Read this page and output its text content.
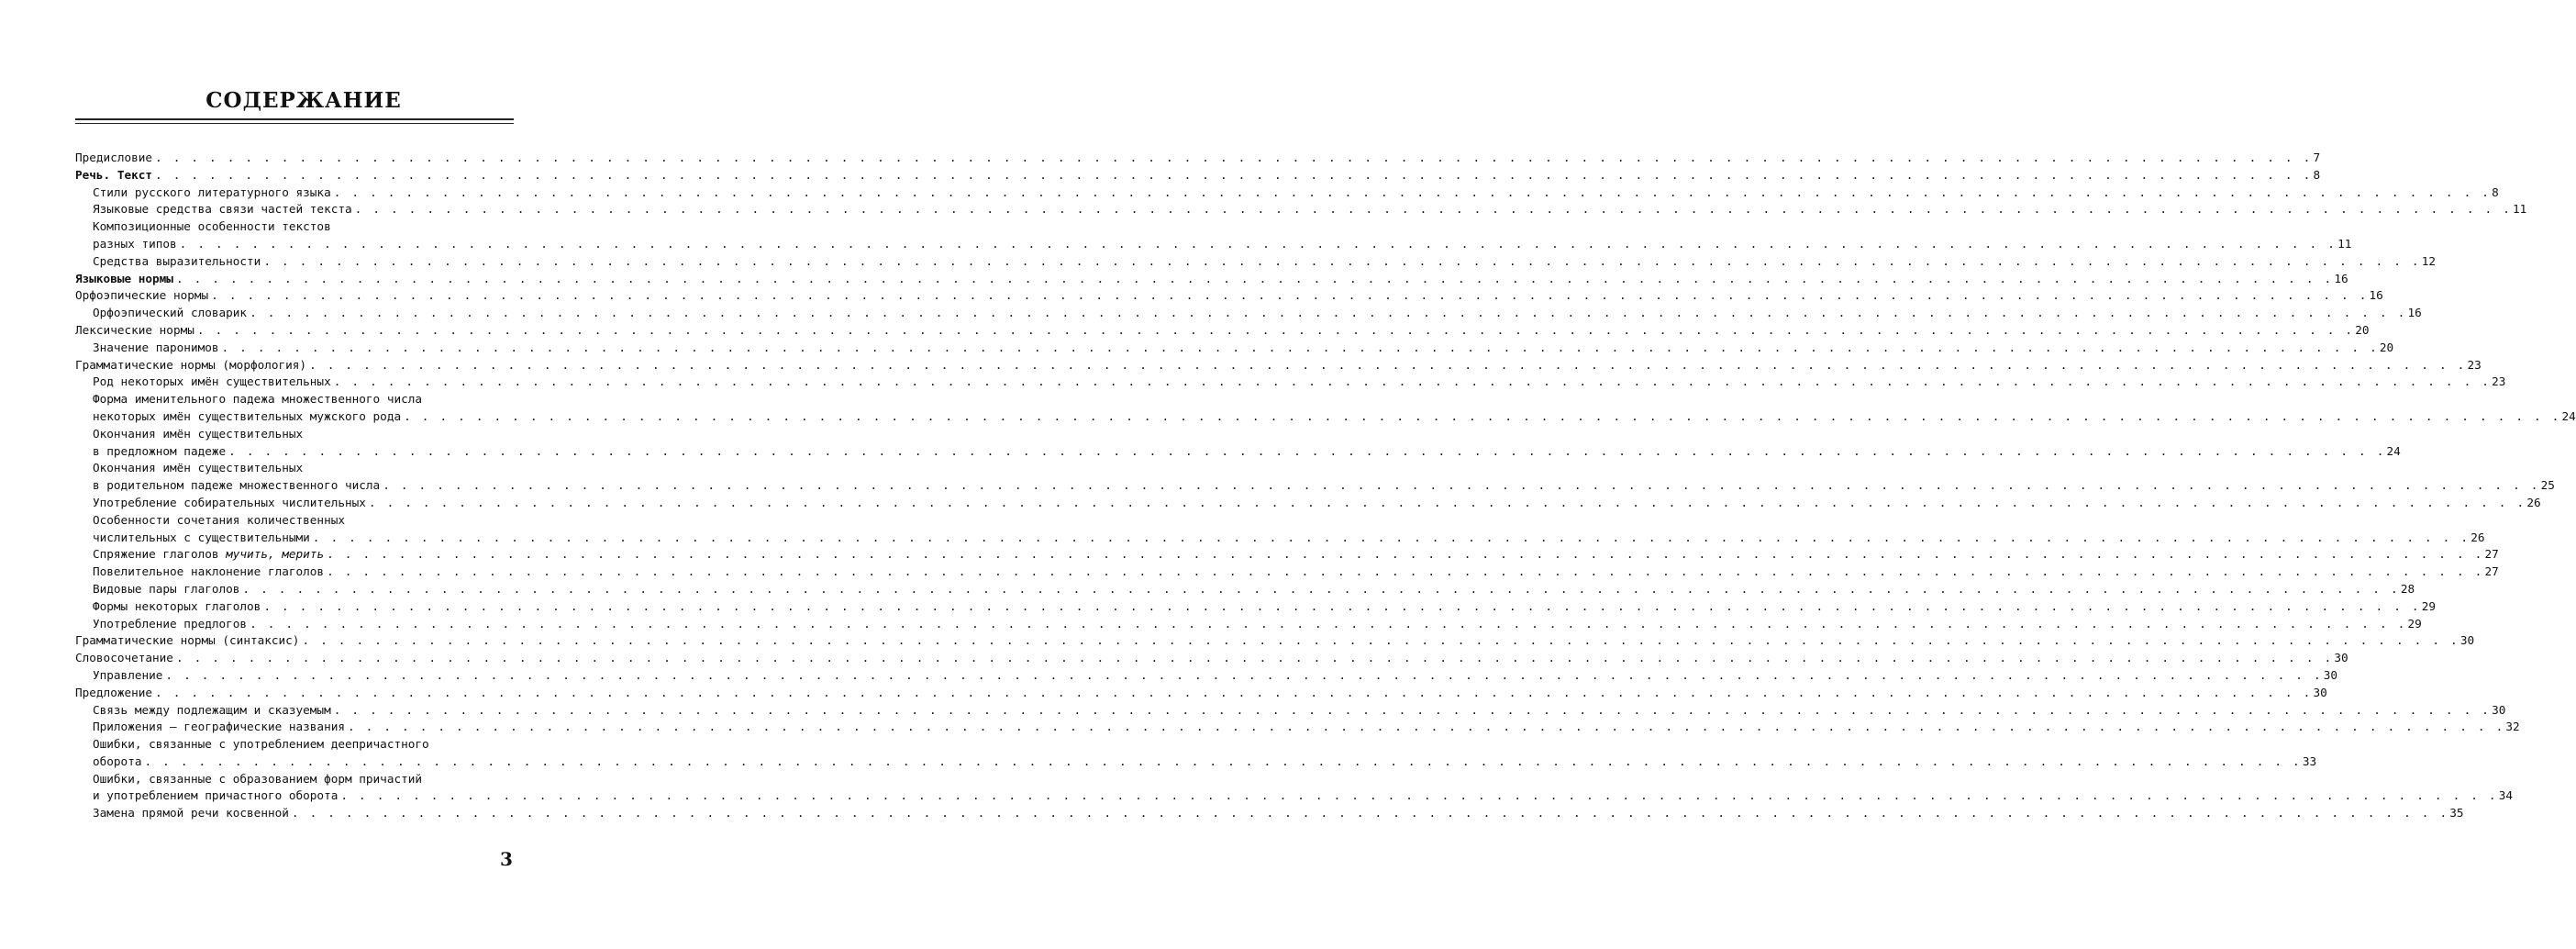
СОДЕРЖАНИЕ
Предисловие . . . . . . . . . . . . . . . . . . . . . . . . . . . . . . . . . . . . . . . . . . . . . . . . . . . . . . . . . . . . . . . . . . . . . . . . . . . . . . . . . . . . . . . . . . . . . . . . . . . . . . . . . . . . . . . . . . . . . . . . 7
Речь. Текст . . . . . . . . . . . . . . . . . . . . . . . . . . . . . . . . . . . . . . . . . . . . . . . . . . . . . . . . . . . . . . . . . . . . . . . . . . . . . . . . . . . . . . . . . . . . . . . . . . . . . . . . . . . . . . . . . . . . . . . . 8
Стили русского литературного языка . . . . . . . . . . . . . . . . . . . . . . . . . . . . . . . . . . . . . . . . . . . . . . . . . . . . . . . . . . . . . . . . . . . . . . . . . . . . . . . . . . . . . . . . . . . . . . . . . . . . . . . . . . . . . . . . . . . . . . . . 8
Языковые средства связи частей текста . . . . . . . . . . . . . . . . . . . . . . . . . . . . . . . . . . . . . . . . . . . . . . . . . . . . . . . . . . . . . . . . . . . . . . . . . . . . . . . . . . . . . . . . . . . . . . . . . . . . . . . . . . . . . . . . . . . . . . . . 11
Композиционные особенности текстов
разных типов . . . . . . . . . . . . . . . . . . . . . . . . . . . . . . . . . . . . . . . . . . . . . . . . . . . . . . . . . . . . . . . . . . . . . . . . . . . . . . . . . . . . . . . . . . . . . . . . . . . . . . . . . . . . . . . . . . . . . . . . 11
Средства выразительности . . . . . . . . . . . . . . . . . . . . . . . . . . . . . . . . . . . . . . . . . . . . . . . . . . . . . . . . . . . . . . . . . . . . . . . . . . . . . . . . . . . . . . . . . . . . . . . . . . . . . . . . . . . . . . . . . . . . . . . . 12
Языковые нормы . . . . . . . . . . . . . . . . . . . . . . . . . . . . . . . . . . . . . . . . . . . . . . . . . . . . . . . . . . . . . . . . . . . . . . . . . . . . . . . . . . . . . . . . . . . . . . . . . . . . . . . . . . . . . . . . . . . . . . . . 16
Орфоэпические нормы . . . . . . . . . . . . . . . . . . . . . . . . . . . . . . . . . . . . . . . . . . . . . . . . . . . . . . . . . . . . . . . . . . . . . . . . . . . . . . . . . . . . . . . . . . . . . . . . . . . . . . . . . . . . . . . . . . . . . . . . 16
Орфоэпический словарик . . . . . . . . . . . . . . . . . . . . . . . . . . . . . . . . . . . . . . . . . . . . . . . . . . . . . . . . . . . . . . . . . . . . . . . . . . . . . . . . . . . . . . . . . . . . . . . . . . . . . . . . . . . . . . . . . . . . . . . . 16
Лексические нормы . . . . . . . . . . . . . . . . . . . . . . . . . . . . . . . . . . . . . . . . . . . . . . . . . . . . . . . . . . . . . . . . . . . . . . . . . . . . . . . . . . . . . . . . . . . . . . . . . . . . . . . . . . . . . . . . . . . . . . . . 20
Значение паронимов . . . . . . . . . . . . . . . . . . . . . . . . . . . . . . . . . . . . . . . . . . . . . . . . . . . . . . . . . . . . . . . . . . . . . . . . . . . . . . . . . . . . . . . . . . . . . . . . . . . . . . . . . . . . . . . . . . . . . . . . 20
Грамматические нормы (морфология) . . . . . . . . . . . . . . . . . . . . . . . . . . . . . . . . . . . . . . . . . . . . . . . . . . . . . . . . . . . . . . . . . . . . . . . . . . . . . . . . . . . . . . . . . . . . . . . . . . . . . . . . . . . . . . . . . . . . . . . . 23
Род некоторых имён существительных . . . . . . . . . . . . . . . . . . . . . . . . . . . . . . . . . . . . . . . . . . . . . . . . . . . . . . . . . . . . . . . . . . . . . . . . . . . . . . . . . . . . . . . . . . . . . . . . . . . . . . . . . . . . . . . . . . . . . . . . 23
Форма именительного падежа множественного числа
некоторых имён существительных мужского рода . . . . . . . . . . . . . . . . . . . . . . . . . . . . . . . . . . . . . . . . . . . . . . . . . . . . . . . . . . . . . . . . . . . . . . . . . . . . . . . . . . . . . . . . . . . . . . . . . . . . . . . . . . . . . . . . . . . . . . . . 24
Окончания имён существительных
в предложном падеже . . . . . . . . . . . . . . . . . . . . . . . . . . . . . . . . . . . . . . . . . . . . . . . . . . . . . . . . . . . . . . . . . . . . . . . . . . . . . . . . . . . . . . . . . . . . . . . . . . . . . . . . . . . . . . . . . . . . . . . . 24
Окончания имён существительных
в родительном падеже множественного числа . . . . . . . . . . . . . . . . . . . . . . . . . . . . . . . . . . . . . . . . . . . . . . . . . . . . . . . . . . . . . . . . . . . . . . . . . . . . . . . . . . . . . . . . . . . . . . . . . . . . . . . . . . . . . . . . . . . . . . . . 25
Употребление собирательных числительных . . . . . . . . . . . . . . . . . . . . . . . . . . . . . . . . . . . . . . . . . . . . . . . . . . . . . . . . . . . . . . . . . . . . . . . . . . . . . . . . . . . . . . . . . . . . . . . . . . . . . . . . . . . . . . . . . . . . . . . . 26
Особенности сочетания количественных
числительных с существительными . . . . . . . . . . . . . . . . . . . . . . . . . . . . . . . . . . . . . . . . . . . . . . . . . . . . . . . . . . . . . . . . . . . . . . . . . . . . . . . . . . . . . . . . . . . . . . . . . . . . . . . . . . . . . . . . . . . . . . . . 26
Спряжение глаголов мучить, мерить . . . . . . . . . . . . . . . . . . . . . . . . . . . . . . . . . . . . . . . . . . . . . . . . . . . . . . . . . . . . . . . . . . . . . . . . . . . . . . . . . . . . . . . . . . . . . . . . . . . . . . . . . . . . . . . . . . . . . . . . 27
Повелительное наклонение глаголов . . . . . . . . . . . . . . . . . . . . . . . . . . . . . . . . . . . . . . . . . . . . . . . . . . . . . . . . . . . . . . . . . . . . . . . . . . . . . . . . . . . . . . . . . . . . . . . . . . . . . . . . . . . . . . . . . . . . . . . . 27
Видовые пары глаголов . . . . . . . . . . . . . . . . . . . . . . . . . . . . . . . . . . . . . . . . . . . . . . . . . . . . . . . . . . . . . . . . . . . . . . . . . . . . . . . . . . . . . . . . . . . . . . . . . . . . . . . . . . . . . . . . . . . . . . . . 28
Формы некоторых глаголов . . . . . . . . . . . . . . . . . . . . . . . . . . . . . . . . . . . . . . . . . . . . . . . . . . . . . . . . . . . . . . . . . . . . . . . . . . . . . . . . . . . . . . . . . . . . . . . . . . . . . . . . . . . . . . . . . . . . . . . . 29
Употребление предлогов . . . . . . . . . . . . . . . . . . . . . . . . . . . . . . . . . . . . . . . . . . . . . . . . . . . . . . . . . . . . . . . . . . . . . . . . . . . . . . . . . . . . . . . . . . . . . . . . . . . . . . . . . . . . . . . . . . . . . . . . 29
Грамматические нормы (синтаксис) . . . . . . . . . . . . . . . . . . . . . . . . . . . . . . . . . . . . . . . . . . . . . . . . . . . . . . . . . . . . . . . . . . . . . . . . . . . . . . . . . . . . . . . . . . . . . . . . . . . . . . . . . . . . . . . . . . . . . . . . 30
Словосочетание . . . . . . . . . . . . . . . . . . . . . . . . . . . . . . . . . . . . . . . . . . . . . . . . . . . . . . . . . . . . . . . . . . . . . . . . . . . . . . . . . . . . . . . . . . . . . . . . . . . . . . . . . . . . . . . . . . . . . . . . 30
Управление . . . . . . . . . . . . . . . . . . . . . . . . . . . . . . . . . . . . . . . . . . . . . . . . . . . . . . . . . . . . . . . . . . . . . . . . . . . . . . . . . . . . . . . . . . . . . . . . . . . . . . . . . . . . . . . . . . . . . . . . 30
Предложение . . . . . . . . . . . . . . . . . . . . . . . . . . . . . . . . . . . . . . . . . . . . . . . . . . . . . . . . . . . . . . . . . . . . . . . . . . . . . . . . . . . . . . . . . . . . . . . . . . . . . . . . . . . . . . . . . . . . . . . . 30
Связь между подлежащим и сказуемым . . . . . . . . . . . . . . . . . . . . . . . . . . . . . . . . . . . . . . . . . . . . . . . . . . . . . . . . . . . . . . . . . . . . . . . . . . . . . . . . . . . . . . . . . . . . . . . . . . . . . . . . . . . . . . . . . . . . . . . . 30
Приложения — географические названия . . . . . . . . . . . . . . . . . . . . . . . . . . . . . . . . . . . . . . . . . . . . . . . . . . . . . . . . . . . . . . . . . . . . . . . . . . . . . . . . . . . . . . . . . . . . . . . . . . . . . . . . . . . . . . . . . . . . . . . . 32
Ошибки, связанные с употреблением деепричастного
оборота . . . . . . . . . . . . . . . . . . . . . . . . . . . . . . . . . . . . . . . . . . . . . . . . . . . . . . . . . . . . . . . . . . . . . . . . . . . . . . . . . . . . . . . . . . . . . . . . . . . . . . . . . . . . . . . . . . . . . . . . 33
Ошибки, связанные с образованием форм причастий
и употреблением причастного оборота . . . . . . . . . . . . . . . . . . . . . . . . . . . . . . . . . . . . . . . . . . . . . . . . . . . . . . . . . . . . . . . . . . . . . . . . . . . . . . . . . . . . . . . . . . . . . . . . . . . . . . . . . . . . . . . . . . . . . . . . 34
Замена прямой речи косвенной . . . . . . . . . . . . . . . . . . . . . . . . . . . . . . . . . . . . . . . . . . . . . . . . . . . . . . . . . . . . . . . . . . . . . . . . . . . . . . . . . . . . . . . . . . . . . . . . . . . . . . . . . . . . . . . . . . . . . . . . 35
3
